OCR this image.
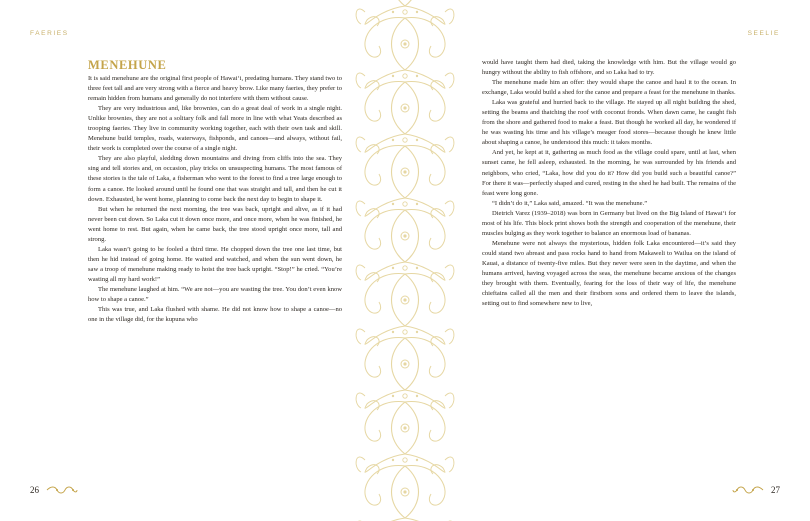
FAERIES
MENEHUNE

It is said menehune are the original first people of Hawai‘i, predating humans. They stand two to three feet tall and are very strong with a fierce and heavy brow. Like many faeries, they prefer to remain hidden from humans and generally do not interfere with them without cause.

They are very industrious and, like brownies, can do a great deal of work in a single night. Unlike brownies, they are not a solitary folk and fall more in line with what Yeats described as trooping faeries. They live in community working together, each with their own task and skill. Menehune build temples, roads, waterways, fishponds, and canoes—and always, without fail, their work is completed over the course of a single night.

They are also playful, sledding down mountains and diving from cliffs into the sea. They sing and tell stories and, on occasion, play tricks on unsuspecting humans. The most famous of these stories is the tale of Laka, a fisherman who went to the forest to find a tree large enough to form a canoe. He looked around until he found one that was straight and tall, and then he cut it down. Exhausted, he went home, planning to come back the next day to begin to shape it.

But when he returned the next morning, the tree was back, upright and alive, as if it had never been cut down. So Laka cut it down once more, and once more, when he was finished, he went home to rest. But again, when he came back, the tree stood upright once more, tall and strong.

Laka wasn’t going to be fooled a third time. He chopped down the tree one last time, but then he hid instead of going home. He waited and watched, and when the sun went down, he saw a troop of menehune making ready to hoist the tree back upright. “Stop!” he cried. “You’re wasting all my hard work!”

The menehune laughed at him. “We are not—you are wasting the tree. You don’t even know how to shape a canoe.”

This was true, and Laka flushed with shame. He did not know how to shape a canoe—no one in the village did, for the kupuna who

26
SEELIE
27

would have taught them had died, taking the knowledge with him. But the village would go hungry without the ability to fish offshore, and so Laka had to try.

The menehune made him an offer: they would shape the canoe and haul it to the ocean. In exchange, Laka would build a shed for the canoe and prepare a feast for the menehune in thanks.

Laka was grateful and hurried back to the village. He stayed up all night building the shed, setting the beams and thatching the roof with coconut fronds. When dawn came, he caught fish from the shore and gathered food to make a feast. But though he worked all day, he wondered if he was wasting his time and his village’s meager food stores—because though he knew little about shaping a canoe, he understood this much: it takes months.

And yet, he kept at it, gathering as much food as the village could spare, until at last, when sunset came, he fell asleep, exhausted. In the morning, he was surrounded by his friends and neighbors, who cried, “Laka, how did you do it? How did you build such a beautiful canoe?” For there it was—perfectly shaped and cured, resting in the shed he had built. The remains of the feast were long gone.

“I didn’t do it,” Laka said, amazed. “It was the menehune.”

Dietrich Varez (1939–2018) was born in Germany but lived on the Big Island of Hawai‘i for most of his life. This block print shows both the strength and cooperation of the menehune, their muscles bulging as they work together to balance an enormous load of bananas.

Menehune were not always the mysterious, hidden folk Laka encountered—it’s said they could stand two abreast and pass rocks hand to hand from Makaweli to Wailua on the island of Kauai, a distance of twenty-five miles. But they never were seen in the daytime, and when the humans arrived, having voyaged across the seas, the menehune became anxious of the changes they brought with them. Eventually, fearing for the loss of their way of life, the menehune chieftains called all the men and their firstborn sons and ordered them to leave the islands, setting out to find somewhere new to live,
